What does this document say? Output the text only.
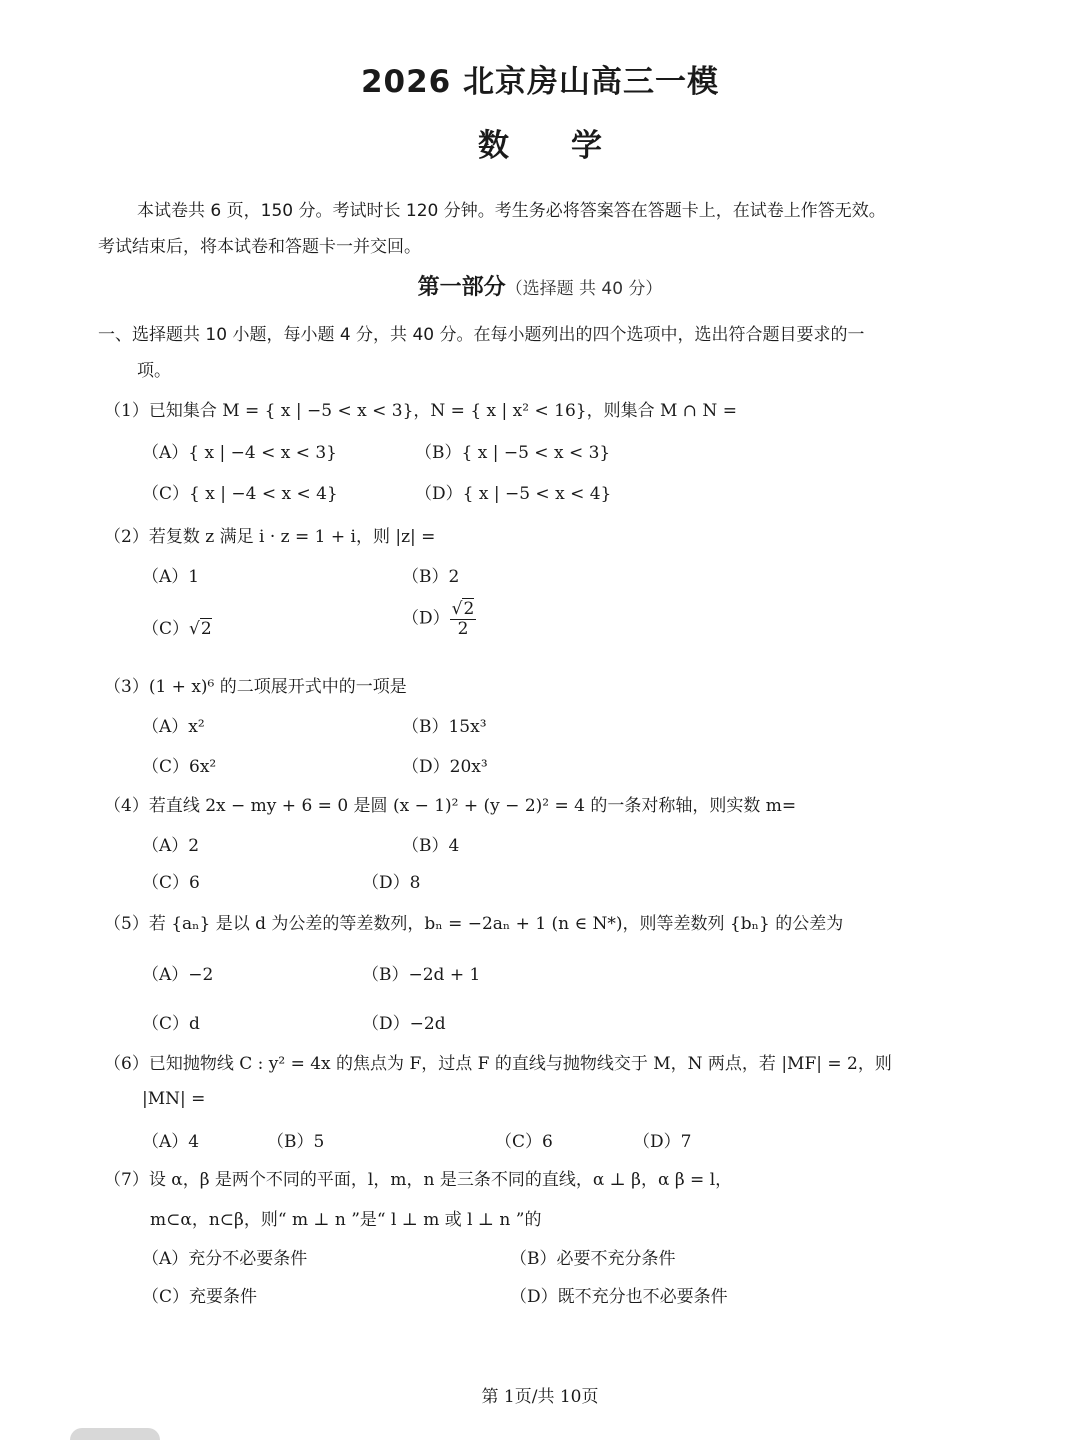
2026 北京房山高三一模
数学
本试卷共 6 页，150 分。考试时长 120 分钟。考生务必将答案答在答题卡上，在试卷上作答无效。
考试结束后，将本试卷和答题卡一并交回。
第一部分（选择题 共 40 分）
一、选择题共 10 小题，每小题 4 分，共 40 分。在每小题列出的四个选项中，选出符合题目要求的一
项。
（1）已知集合 M = { x | −5 < x < 3}，N = { x | x² < 16}，则集合 M ∩ N =
（A）{ x | −4 < x < 3}	（B）{ x | −5 < x < 3}
（C）{ x | −4 < x < 4}	（D）{ x | −5 < x < 4}
（2）若复数 z 满足 i · z = 1 + i，则 |z| =
（A）1	（B）2
（C）√2
$(D) \frac{√2}{2}$
（3）(1 + x)⁶ 的二项展开式中的一项是
（A）x²	（B）15x³
（C）6x²	（D）20x³
（4）若直线 2x − my + 6 = 0 是圆 (x − 1)² + (y − 2)² = 4 的一条对称轴，则实数 m=
（A）2	（B）4
（C）6	（D）8
（5）若 {aₙ} 是以 d 为公差的等差数列，bₙ = −2aₙ + 1 (n ∈ N*)，则等差数列 {bₙ} 的公差为
（A）−2	（B）−2d + 1
（C）d	（D）−2d
（6）已知抛物线 C : y² = 4x 的焦点为 F，过点 F 的直线与抛物线交于 M，N 两点，若 |MF| = 2，则
|MN| =
（A）4	（B）5	（C）6	（D）7
（7）设 α，β 是两个不同的平面，l，m，n 是三条不同的直线，α ⊥ β，α β = l，
m⊂α，n⊂β，则“ m ⊥ n ”是“ l ⊥ m 或 l ⊥ n ”的
（A）充分不必要条件	（B）必要不充分条件
（C）充要条件	（D）既不充分也不必要条件
第 1页/共 10页
